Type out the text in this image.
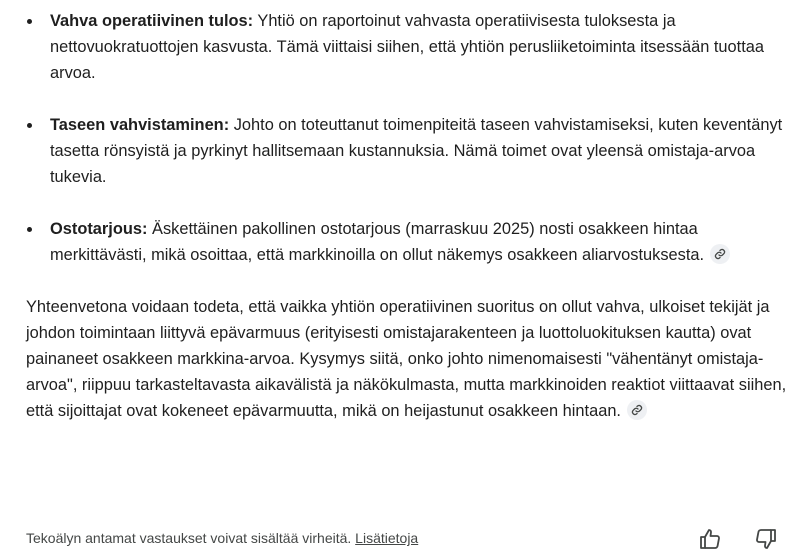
Vahva operatiivinen tulos: Yhtiö on raportoinut vahvasta operatiivisesta tuloksesta ja nettovuokratuottojen kasvusta. Tämä viittaisi siihen, että yhtiön perusliiketoiminta itsessään tuottaa arvoa.
Taseen vahvistaminen: Johto on toteuttanut toimenpiteitä taseen vahvistamiseksi, kuten keventänyt tasetta rönsyistä ja pyrkinyt hallitsemaan kustannuksia. Nämä toimet ovat yleensä omistaja-arvoa tukevia.
Ostotarjous: Äskettäinen pakollinen ostotarjous (marraskuu 2025) nosti osakkeen hintaa merkittävästi, mikä osoittaa, että markkinoilla on ollut näkemys osakkeen aliarvostuksesta.

Yhteenvetona voidaan todeta, että vaikka yhtiön operatiivinen suoritus on ollut vahva, ulkoiset tekijät ja johdon toimintaan liittyvä epävarmuus (erityisesti omistajarakenteen ja luottoluokituksen kautta) ovat painaneet osakkeen markkina-arvoa. Kysymys siitä, onko johto nimenomaisesti "vähentänyt omistaja-arvoa", riippuu tarkasteltavasta aikavälistä ja näkökulmasta, mutta markkinoiden reaktiot viittaavat siihen, että sijoittajat ovat kokeneet epävarmuutta, mikä on heijastunut osakkeen hintaan.

Tekoälyn antamat vastaukset voivat sisältää virheitä. Lisätietoja
